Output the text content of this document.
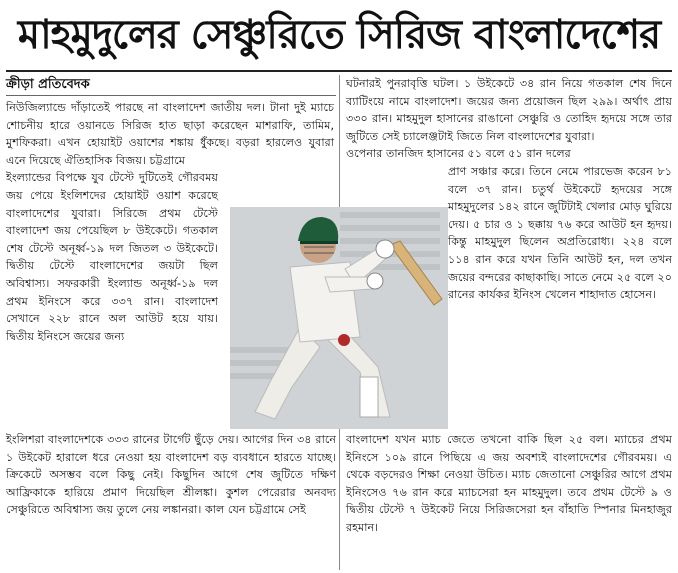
মাহমুদুলের সেঞ্চুরিতে সিরিজ বাংলাদেশের
ক্রীড়া প্রতিবেদক

নিউজিল্যান্ডে দাঁড়াতেই পারছে না বাংলাদেশ জাতীয় দল। টানা দুই ম্যাচে শোচনীয় হারে ওয়ানডে সিরিজ হাত ছাড়া করেছেন মাশরাফি, তামিম, মুশফিকরা। এখন হোয়াইট ওয়াশের শঙ্কায় ধুঁকছে। বড়রা হারলেও যুবারা এনে দিয়েছে ঐতিহাসিক বিজয়। চট্টগ্রামে

ইংল্যান্ডের বিপক্ষে যুব টেস্টে দুটিতেই গৌরবময় জয় পেয়ে ইংলিশদের হোয়াইট ওয়াশ করেছে বাংলাদেশের যুবারা। সিরিজে প্রথম টেস্টে বাংলাদেশ জয় পেয়েছিল ৮ উইকেটে। গতকাল শেষ টেস্টে অনূর্ধ্ব-১৯ দল জিতল ৩ উইকেটে। দ্বিতীয় টেস্টে বাংলাদেশের জয়টা ছিল অবিশ্বাস্য। সফরকারী ইংল্যান্ড অনূর্ধ্ব-১৯ দল প্রথম ইনিংসে করে ৩৩৭ রান। বাংলাদেশ সেখানে ২২৮ রানে অল আউট হয়ে যায়। দ্বিতীয় ইনিংসে জয়ের জন্য

ঘটনারই পুনরাবৃত্তি ঘটল। ১ উইকেটে ৩৪ রান নিয়ে গতকাল শেষ দিনে ব্যাটিংয়ে নামে বাংলাদেশ। জয়ের জন্য প্রয়োজন ছিল ২৯৯। অর্থাৎ প্রায় ৩৩০ রান। মাহমুদুল হাসানের রাঙানো সেঞ্চুরি ও তোহিদ হৃদয়ে সঙ্গে তার জুটিতে সেই চ্যালেঞ্জটাই জিতে নিল বাংলাদেশের যুবারা।

ওপেনার তানজিদ হাসানের ৫১ বলে ৫১ রান দলের

প্রাণ সঞ্চার করে। তিনে নেমে পারভেজ করেন ৮১ বলে ৩৭ রান। চতুর্থ উইকেটে হৃদয়ের সঙ্গে মাহমুদুলের ১৪২ রানে জুটিটাই খেলার মোড় ঘুরিয়ে দেয়। ৫ চার ও ১ ছক্কায় ৭৬ করে আউট হন হৃদয়। কিন্তু মাহমুদুল ছিলেন অপ্রতিরোধ্য। ২২৪ বলে ১১৪ রান করে যখন তিনি আউট হন, দল তখন জয়ের বন্দরের কাছাকাছি। সাতে নেমে ২৫ বলে ২০ রানের কার্যকর ইনিংস খেলেন শাহাদাত হোসেন।

ইংলিশরা বাংলাদেশকে ৩৩৩ রানের টার্গেট ছুঁড়ে দেয়। আগের দিন ৩৪ রানে ১ উইকেট হারালে ধরে নেওয়া হয় বাংলাদেশ বড় ব্যবধানে হারতে যাচ্ছে। ক্রিকেটে অসম্ভব বলে কিছু নেই। কিছুদিন আগে শেষ জুটিতে দক্ষিণ আফ্রিকাকে হারিয়ে প্রমাণ দিয়েছিল শ্রীলঙ্কা। কুশল পেরেরার অনবদ্য সেঞ্চুরিতে অবিশ্বাস্য জয় তুলে নেয় লঙ্কানরা। কাল যেন চট্টগ্রামে সেই
বাংলাদেশ যখন ম্যাচ জেতে তখনো বাকি ছিল ২৫ বল। ম্যাচের প্রথম ইনিংসে ১০৯ রানে পিছিয়ে এ জয় অবশ্যই বাংলাদেশের গৌরবময়। এ থেকে বড়দেরও শিক্ষা নেওয়া উচিত। ম্যাচ জেতানো সেঞ্চুরির আগে প্রথম ইনিংসেও ৭৬ রান করে ম্যাচসেরা হন মাহমুদুল। তবে প্রথম টেস্টে ৯ ও দ্বিতীয় টেস্টে ৭ উইকেট নিয়ে সিরিজসেরা হন বাঁহাতি স্পিনার মিনহাজুর রহমান।
